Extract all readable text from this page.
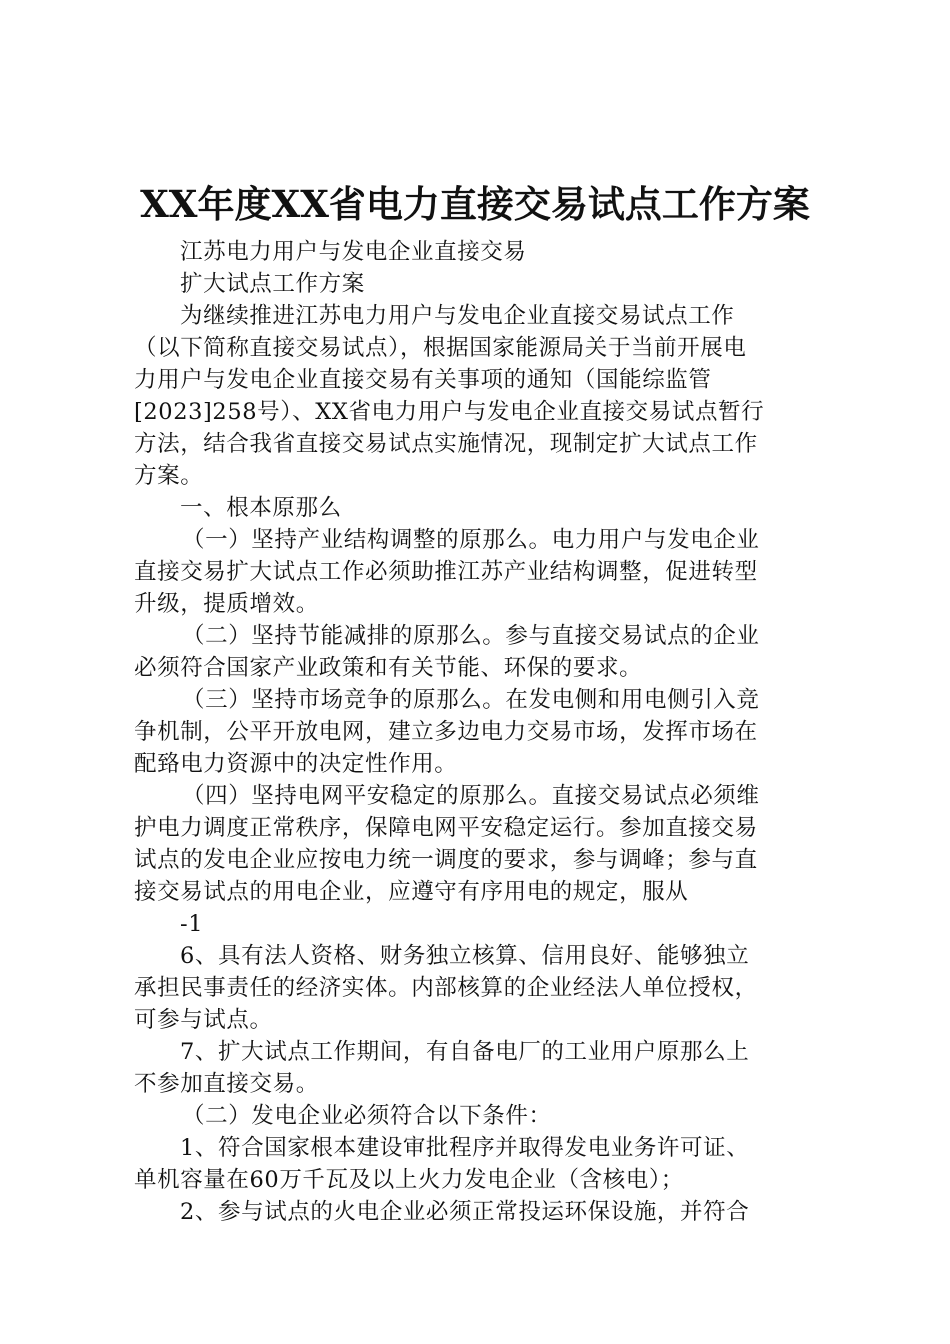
XX年度XX省电力直接交易试点工作方案

江苏电力用户与发电企业直接交易

扩大试点工作方案

为继续推进江苏电力用户与发电企业直接交易试点工作

（以下简称直接交易试点），根据国家能源局关于当前开展电

力用户与发电企业直接交易有关事项的通知（国能综监管

[2023]258号）、XX省电力用户与发电企业直接交易试点暂行

方法，结合我省直接交易试点实施情况，现制定扩大试点工作

方案。

一、根本原那么

（一）坚持产业结构调整的原那么。电力用户与发电企业

直接交易扩大试点工作必须助推江苏产业结构调整，促进转型

升级，提质增效。

（二）坚持节能减排的原那么。参与直接交易试点的企业

必须符合国家产业政策和有关节能、环保的要求。

（三）坚持市场竞争的原那么。在发电侧和用电侧引入竞

争机制，公平开放电网，建立多边电力交易市场，发挥市场在

配臵电力资源中的决定性作用。

（四）坚持电网平安稳定的原那么。直接交易试点必须维

护电力调度正常秩序，保障电网平安稳定运行。参加直接交易

试点的发电企业应按电力统一调度的要求，参与调峰；参与直

接交易试点的用电企业，应遵守有序用电的规定，服从

-1

6、具有法人资格、财务独立核算、信用良好、能够独立

承担民事责任的经济实体。内部核算的企业经法人单位授权，

可参与试点。

7、扩大试点工作期间，有自备电厂的工业用户原那么上

不参加直接交易。

（二）发电企业必须符合以下条件：

1、符合国家根本建设审批程序并取得发电业务许可证、

单机容量在60万千瓦及以上火力发电企业（含核电）；

2、参与试点的火电企业必须正常投运环保设施，并符合
